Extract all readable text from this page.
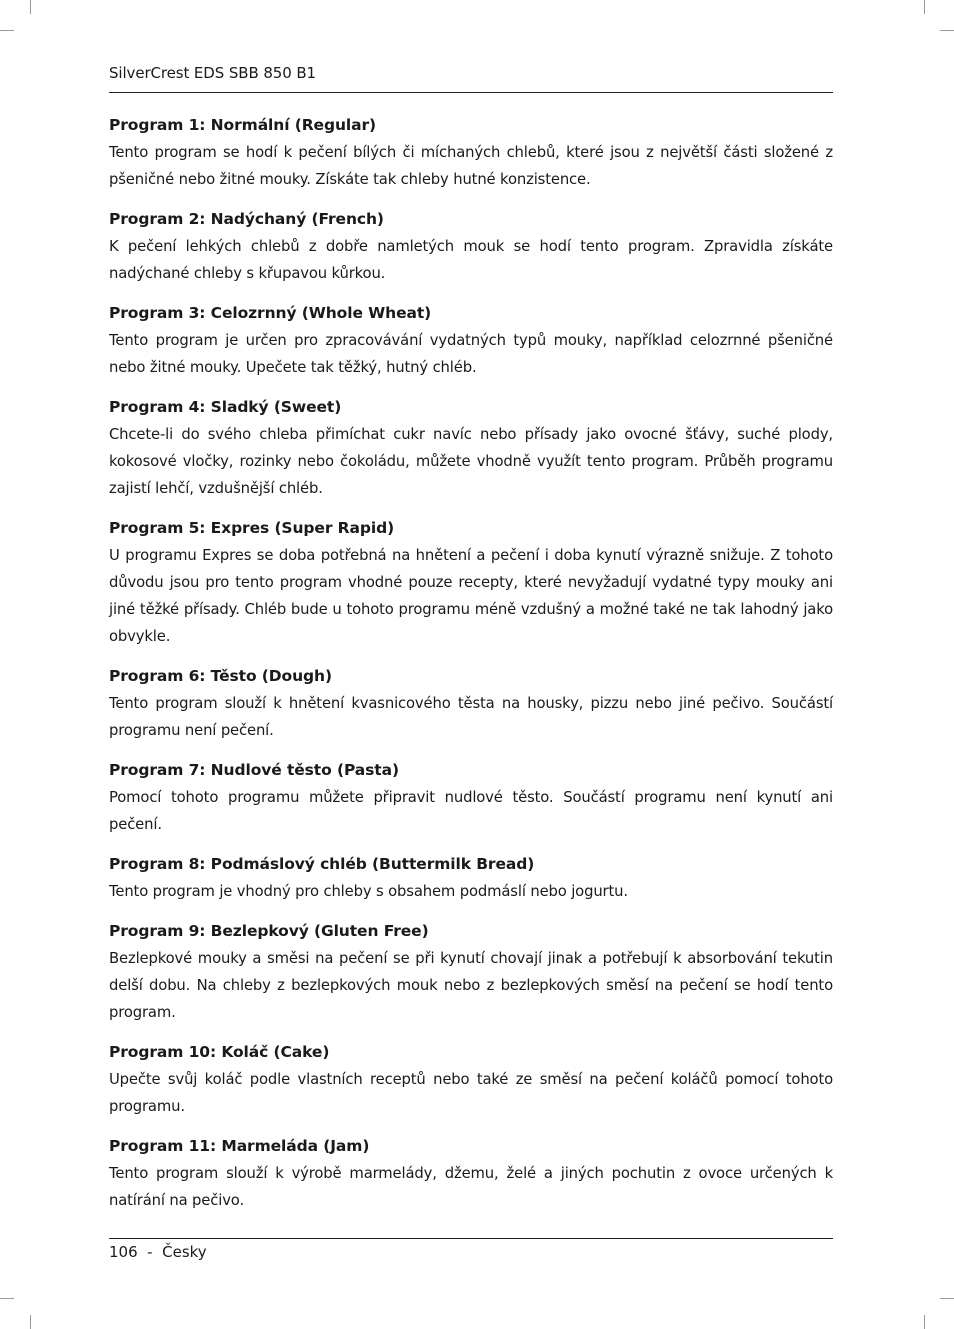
SilverCrest EDS SBB 850 B1

Program 1: Normální (Regular)

Tento program se hodí k pečení bílých či míchaných chlebů, které jsou z největší části složené z pšeničné nebo žitné mouky. Získáte tak chleby hutné konzistence.

Program 2: Nadýchaný (French)

K pečení lehkých chlebů z dobře namletých mouk se hodí tento program. Zpravidla získáte nadýchané chleby s křupavou kůrkou.

Program 3: Celozrnný (Whole Wheat)

Tento program je určen pro zpracovávání vydatných typů mouky, například celozrnné pšeničné nebo žitné mouky. Upečete tak těžký, hutný chléb.

Program 4: Sladký (Sweet)

Chcete-li do svého chleba přimíchat cukr navíc nebo přísady jako ovocné šťávy, suché plody, kokosové vločky, rozinky nebo čokoládu, můžete vhodně využít tento program. Průběh programu zajistí lehčí, vzdušnější chléb.

Program 5: Expres (Super Rapid)

U programu Expres se doba potřebná na hnětení a pečení i doba kynutí výrazně snižuje. Z tohoto důvodu jsou pro tento program vhodné pouze recepty, které nevyžadují vydatné typy mouky ani jiné těžké přísady. Chléb bude u tohoto programu méně vzdušný a možné také ne tak lahodný jako obvykle.

Program 6: Těsto (Dough)

Tento program slouží k hnětení kvasnicového těsta na housky, pizzu nebo jiné pečivo. Součástí programu není pečení.

Program 7: Nudlové těsto (Pasta)

Pomocí tohoto programu můžete připravit nudlové těsto. Součástí programu není kynutí ani pečení.

Program 8: Podmáslový chléb (Buttermilk Bread)

Tento program je vhodný pro chleby s obsahem podmáslí nebo jogurtu.

Program 9: Bezlepkový (Gluten Free)

Bezlepkové mouky a směsi na pečení se při kynutí chovají jinak a potřebují k absorbování tekutin delší dobu. Na chleby z bezlepkových mouk nebo z bezlepkových směsí na pečení se hodí tento program.

Program 10: Koláč (Cake)

Upečte svůj koláč podle vlastních receptů nebo také ze směsí na pečení koláčů pomocí tohoto programu.

Program 11: Marmeláda (Jam)

Tento program slouží k výrobě marmelády, džemu, želé a jiných pochutin z ovoce určených k natírání na pečivo.

106  -  Česky
